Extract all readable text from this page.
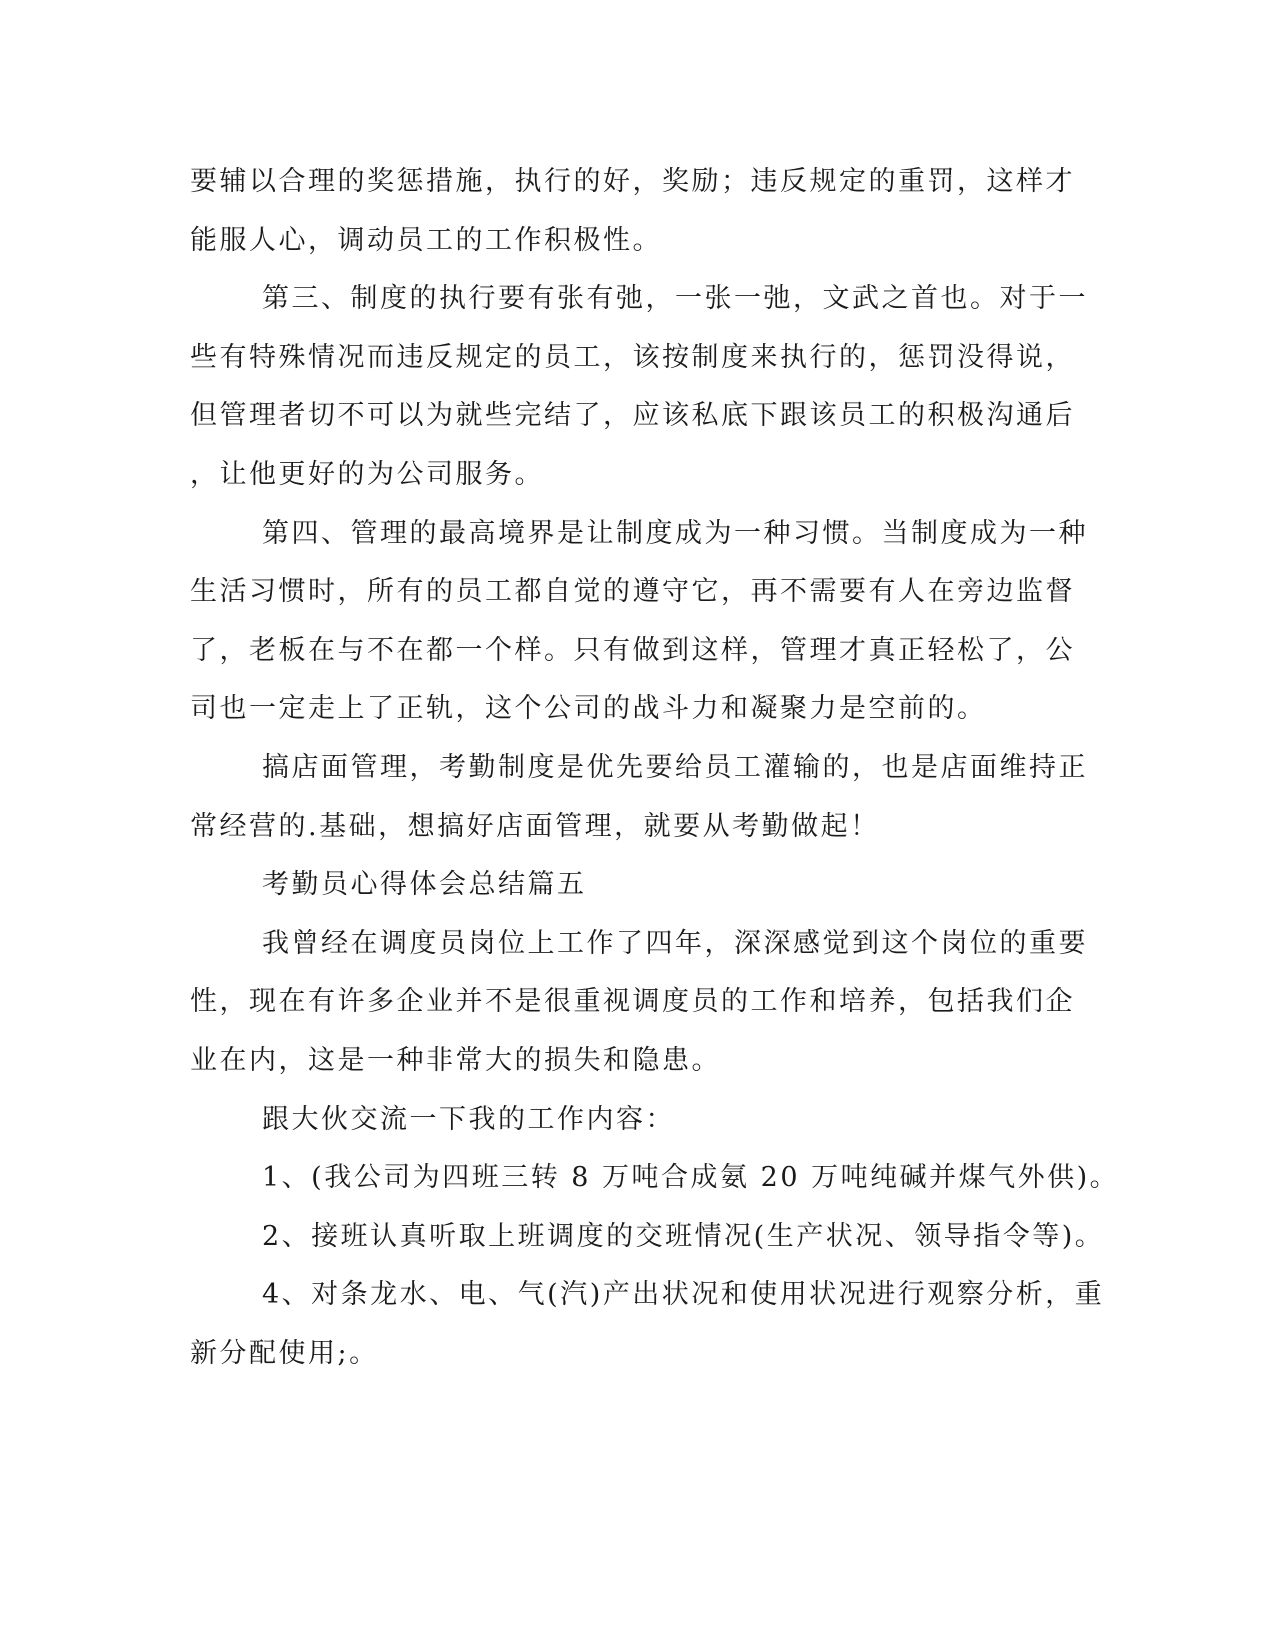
要辅以合理的奖惩措施，执行的好，奖励；违反规定的重罚，这样才
能服人心，调动员工的工作积极性。
第三、制度的执行要有张有弛，一张一弛，文武之首也。对于一
些有特殊情况而违反规定的员工，该按制度来执行的，惩罚没得说，
但管理者切不可以为就些完结了，应该私底下跟该员工的积极沟通后
，让他更好的为公司服务。
第四、管理的最高境界是让制度成为一种习惯。当制度成为一种
生活习惯时，所有的员工都自觉的遵守它，再不需要有人在旁边监督
了，老板在与不在都一个样。只有做到这样，管理才真正轻松了，公
司也一定走上了正轨，这个公司的战斗力和凝聚力是空前的。
搞店面管理，考勤制度是优先要给员工灌输的，也是店面维持正
常经营的.基础，想搞好店面管理，就要从考勤做起！
考勤员心得体会总结篇五
我曾经在调度员岗位上工作了四年，深深感觉到这个岗位的重要
性，现在有许多企业并不是很重视调度员的工作和培养，包括我们企
业在内，这是一种非常大的损失和隐患。
跟大伙交流一下我的工作内容：
1、(我公司为四班三转 8 万吨合成氨 20 万吨纯碱并煤气外供)。
2、接班认真听取上班调度的交班情况(生产状况、领导指令等)。
4、对条龙水、电、气(汽)产出状况和使用状况进行观察分析，重
新分配使用;。
